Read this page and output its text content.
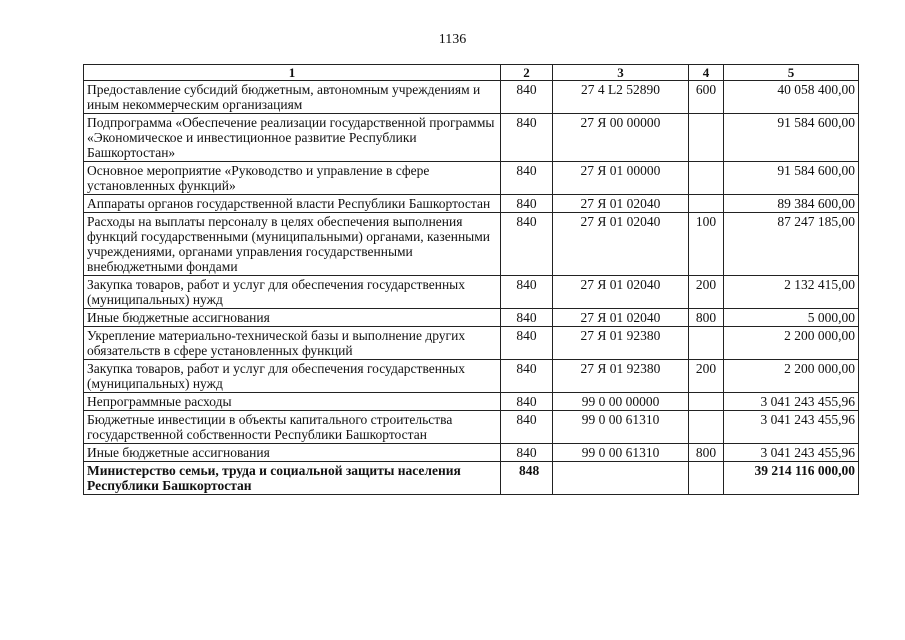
1136
1	2	3	4	5
Предоставление субсидий бюджетным, автономным учреждениям и иным некоммерческим организациям	840	27 4 L2 52890	600	40 058 400,00
Подпрограмма «Обеспечение реализации государственной программы «Экономическое и инвестиционное развитие Республики Башкортостан»	840	27 Я 00 00000		91 584 600,00
Основное мероприятие «Руководство и управление в сфере установленных функций»	840	27 Я 01 00000		91 584 600,00
Аппараты органов государственной власти Республики Башкортостан	840	27 Я 01 02040		89 384 600,00
Расходы на выплаты персоналу в целях обеспечения выполнения функций государственными (муниципальными) органами, казенными учреждениями, органами управления государственными внебюджетными фондами	840	27 Я 01 02040	100	87 247 185,00
Закупка товаров, работ и услуг для обеспечения государственных (муниципальных) нужд	840	27 Я 01 02040	200	2 132 415,00
Иные бюджетные ассигнования	840	27 Я 01 02040	800	5 000,00
Укрепление материально-технической базы и выполнение других обязательств в сфере установленных функций	840	27 Я 01 92380		2 200 000,00
Закупка товаров, работ и услуг для обеспечения государственных (муниципальных) нужд	840	27 Я 01 92380	200	2 200 000,00
Непрограммные расходы	840	99 0 00 00000		3 041 243 455,96
Бюджетные инвестиции в объекты капитального строительства государственной собственности Республики Башкортостан	840	99 0 00 61310		3 041 243 455,96
Иные бюджетные ассигнования	840	99 0 00 61310	800	3 041 243 455,96
Министерство семьи, труда и социальной защиты населения Республики Башкортостан	848			39 214 116 000,00
